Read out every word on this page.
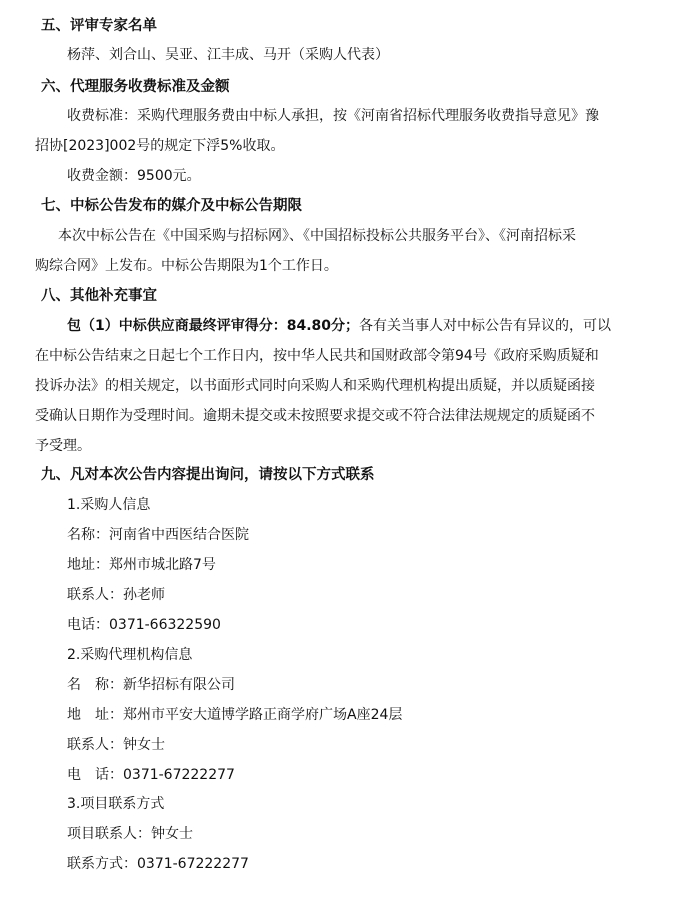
五、评审专家名单
杨萍、刘合山、吴亚、江丰成、马开（采购人代表）
六、代理服务收费标准及金额
收费标准：采购代理服务费由中标人承担，按《河南省招标代理服务收费指导意见》豫
招协[2023]002号的规定下浮5%收取。
收费金额：9500元。
七、中标公告发布的媒介及中标公告期限
本次中标公告在《中国采购与招标网》、《中国招标投标公共服务平台》、《河南招标采
购综合网》上发布。中标公告期限为1个工作日。
八、其他补充事宜
包（1）中标供应商最终评审得分：84.80分；各有关当事人对中标公告有异议的，可以
在中标公告结束之日起七个工作日内，按中华人民共和国财政部令第94号《政府采购质疑和
投诉办法》的相关规定，以书面形式同时向采购人和采购代理机构提出质疑，并以质疑函接
受确认日期作为受理时间。逾期未提交或未按照要求提交或不符合法律法规规定的质疑函不
予受理。
九、凡对本次公告内容提出询问，请按以下方式联系
1.采购人信息
名称：河南省中西医结合医院
地址：郑州市城北路7号
联系人：孙老师
电话：0371-66322590
2.采购代理机构信息
名　称：新华招标有限公司
地　址：郑州市平安大道博学路正商学府广场A座24层
联系人：钟女士
电　话：0371-67222277
3.项目联系方式
项目联系人：钟女士
联系方式：0371-67222277
